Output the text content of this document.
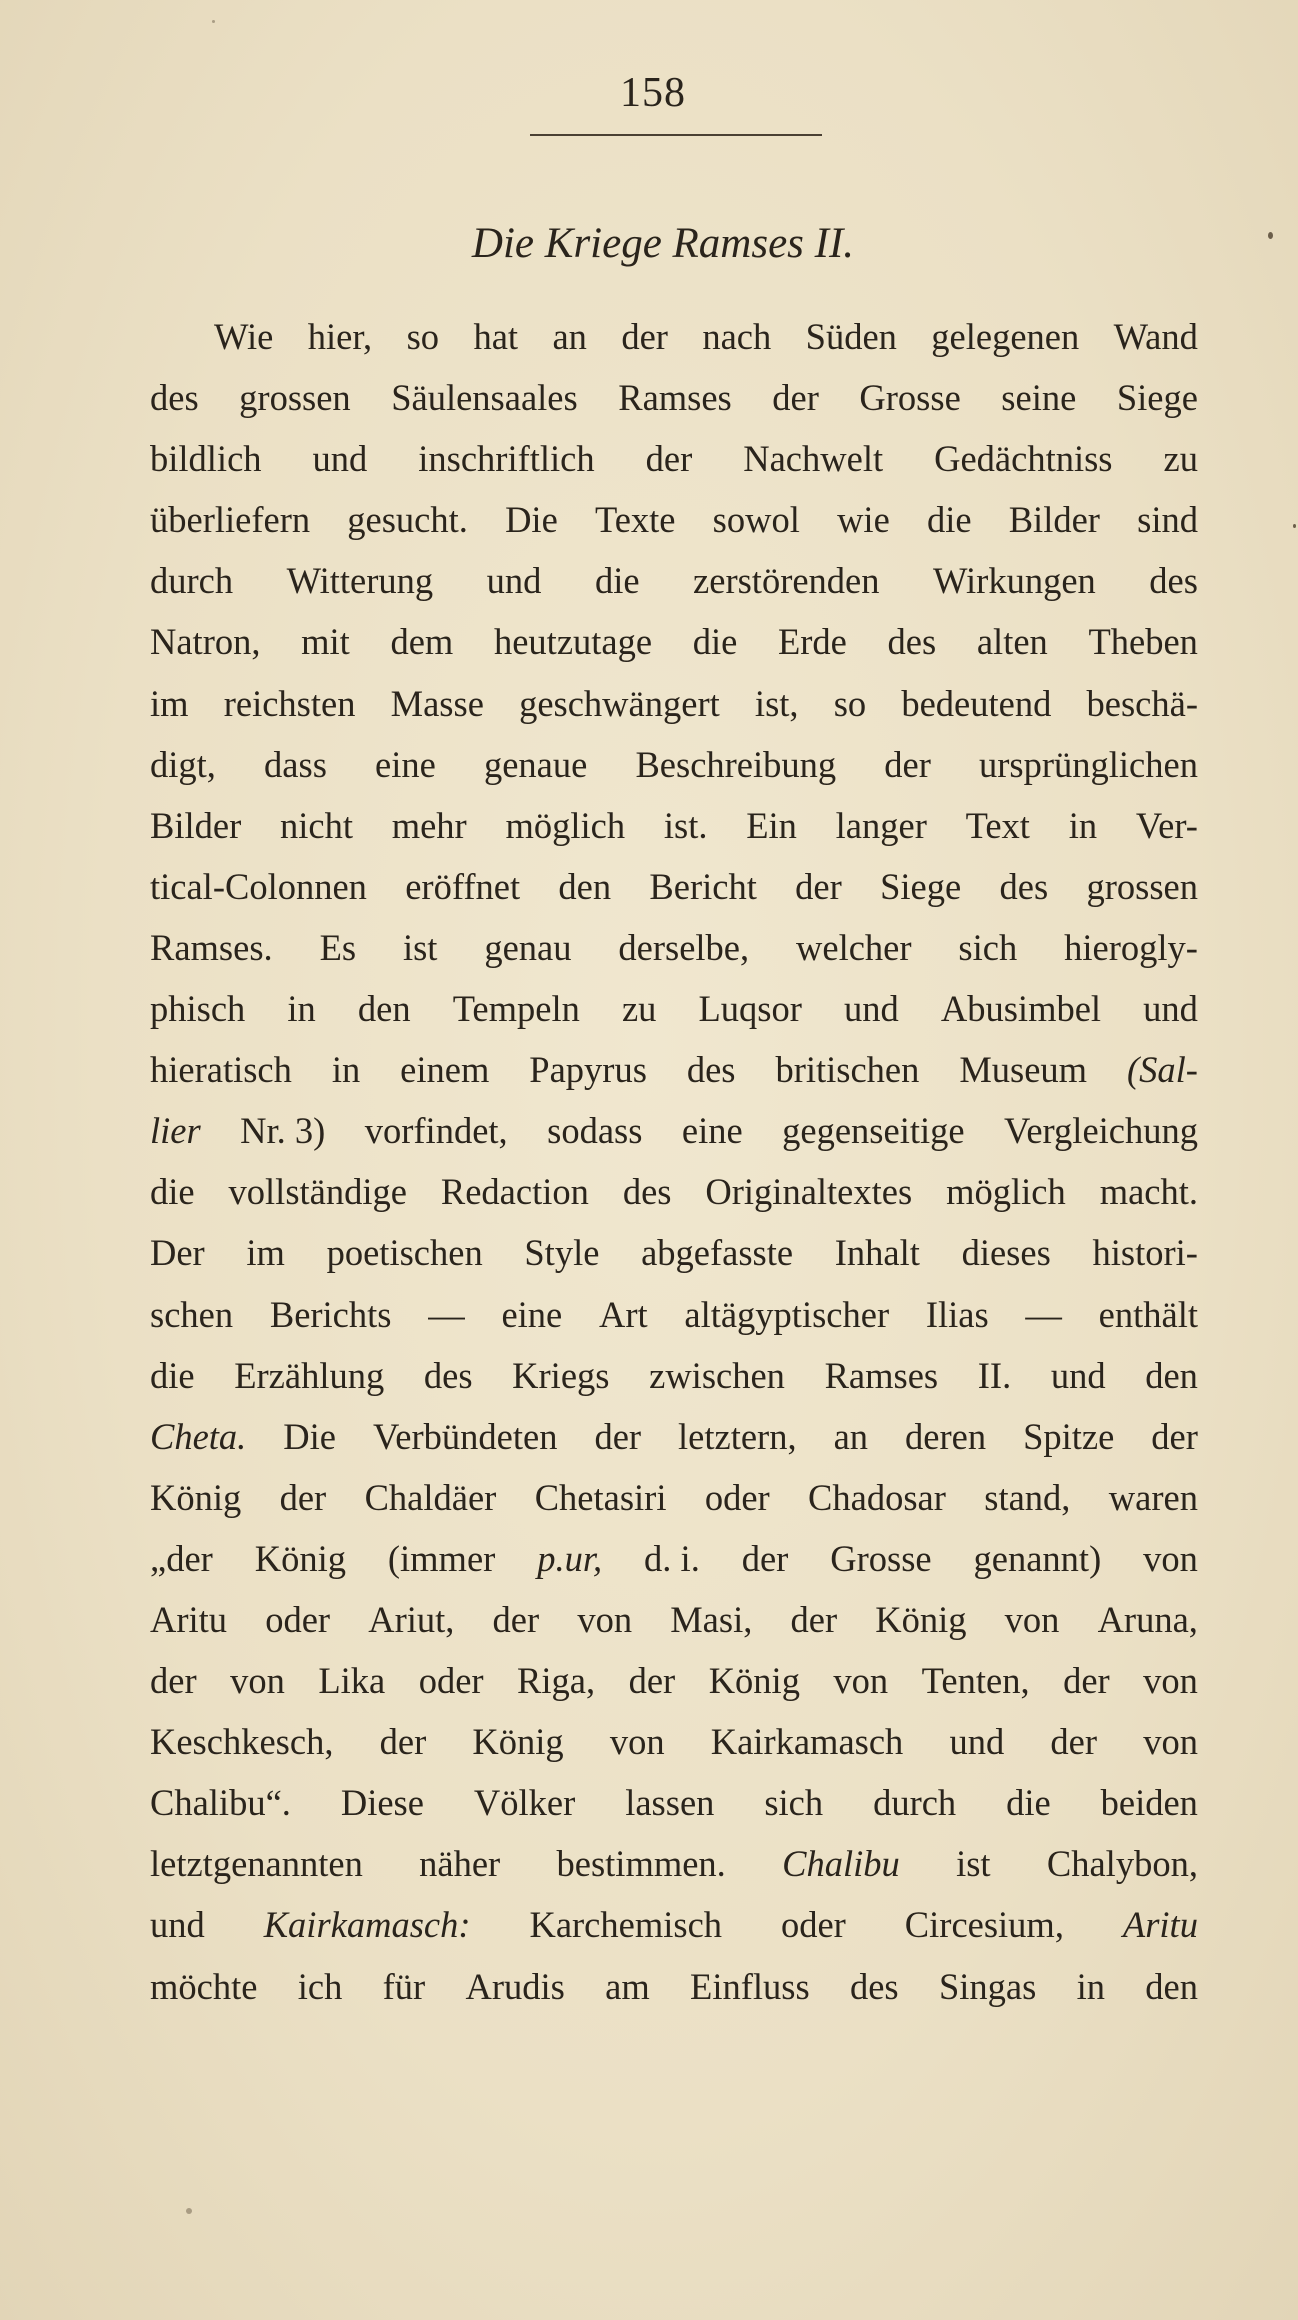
158
Die Kriege Ramses II.
Wie hier, so hat an der nach Süden gelegenen Wand
des grossen Säulensaales Ramses der Grosse seine Siege
bildlich und inschriftlich der Nachwelt Gedächtniss zu
überliefern gesucht. Die Texte sowol wie die Bilder sind
durch Witterung und die zerstörenden Wirkungen des
Natron, mit dem heutzutage die Erde des alten Theben
im reichsten Masse geschwängert ist, so bedeutend beschä-
digt, dass eine genaue Beschreibung der ursprünglichen
Bilder nicht mehr möglich ist. Ein langer Text in Ver-
tical-Colonnen eröffnet den Bericht der Siege des grossen
Ramses. Es ist genau derselbe, welcher sich hierogly-
phisch in den Tempeln zu Luqsor und Abusimbel und
hieratisch in einem Papyrus des britischen Museum (Sal-
lier Nr. 3) vorfindet, sodass eine gegenseitige Vergleichung
die vollständige Redaction des Originaltextes möglich macht.
Der im poetischen Style abgefasste Inhalt dieses histori-
schen Berichts — eine Art altägyptischer Ilias — enthält
die Erzählung des Kriegs zwischen Ramses II. und den
Cheta. Die Verbündeten der letztern, an deren Spitze der
König der Chaldäer Chetasiri oder Chadosar stand, waren
„der König (immer p.ur, d. i. der Grosse genannt) von
Aritu oder Ariut, der von Masi, der König von Aruna,
der von Lika oder Riga, der König von Tenten, der von
Keschkesch, der König von Kairkamasch und der von
Chalibu“. Diese Völker lassen sich durch die beiden
letztgenannten näher bestimmen. Chalibu ist Chalybon,
und Kairkamasch: Karchemisch oder Circesium, Aritu
möchte ich für Arudis am Einfluss des Singas in den
